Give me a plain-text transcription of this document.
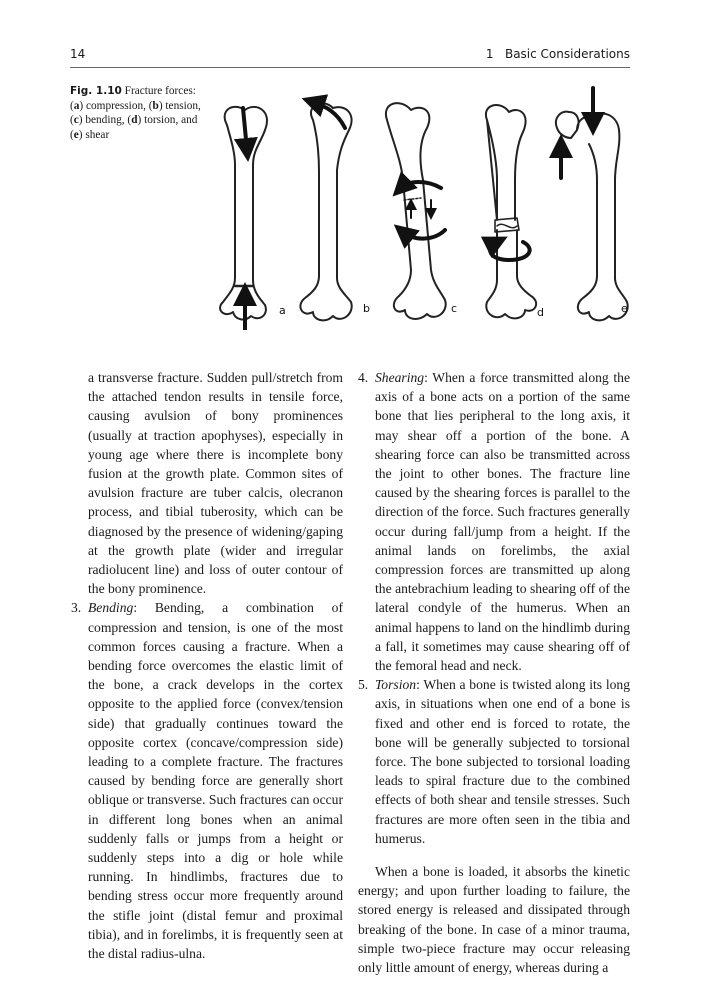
14	1   Basic Considerations
Fig. 1.10 Fracture forces: (a) compression, (b) tension, (c) bending, (d) torsion, and (e) shear
a	b	c	d	e

a transverse fracture. Sudden pull/stretch from the attached tendon results in tensile force, causing avulsion of bony prominences (usually at traction apophyses), especially in young age where there is incomplete bony fusion at the growth plate. Common sites of avulsion fracture are tuber calcis, olecranon process, and tibial tuberosity, which can be diagnosed by the presence of widening/gaping at the growth plate (wider and irregular radiolucent line) and loss of outer contour of the bony prominence.

3. Bending: Bending, a combination of compression and tension, is one of the most common forces causing a fracture. When a bending force overcomes the elastic limit of the bone, a crack develops in the cortex opposite to the applied force (convex/tension side) that gradually continues toward the opposite cortex (concave/compression side) leading to a complete fracture. The fractures caused by bending force are generally short oblique or transverse. Such fractures can occur in different long bones when an animal suddenly falls or jumps from a height or suddenly steps into a dig or hole while running. In hindlimbs, fractures due to bending stress occur more frequently around the stifle joint (distal femur and proximal tibia), and in forelimbs, it is frequently seen at the distal radius-ulna.

4. Shearing: When a force transmitted along the axis of a bone acts on a portion of the same bone that lies peripheral to the long axis, it may shear off a portion of the bone. A shearing force can also be transmitted across the joint to other bones. The fracture line caused by the shearing forces is parallel to the direction of the force. Such fractures generally occur during fall/jump from a height. If the animal lands on forelimbs, the axial compression forces are transmitted up along the antebrachium leading to shearing off of the lateral condyle of the humerus. When an animal happens to land on the hindlimb during a fall, it sometimes may cause shearing off of the femoral head and neck.

5. Torsion: When a bone is twisted along its long axis, in situations when one end of a bone is fixed and other end is forced to rotate, the bone will be generally subjected to torsional force. The bone subjected to torsional loading leads to spiral fracture due to the combined effects of both shear and tensile stresses. Such fractures are more often seen in the tibia and humerus.

When a bone is loaded, it absorbs the kinetic energy; and upon further loading to failure, the stored energy is released and dissipated through breaking of the bone. In case of a minor trauma, simple two-piece fracture may occur releasing only little amount of energy, whereas during a
